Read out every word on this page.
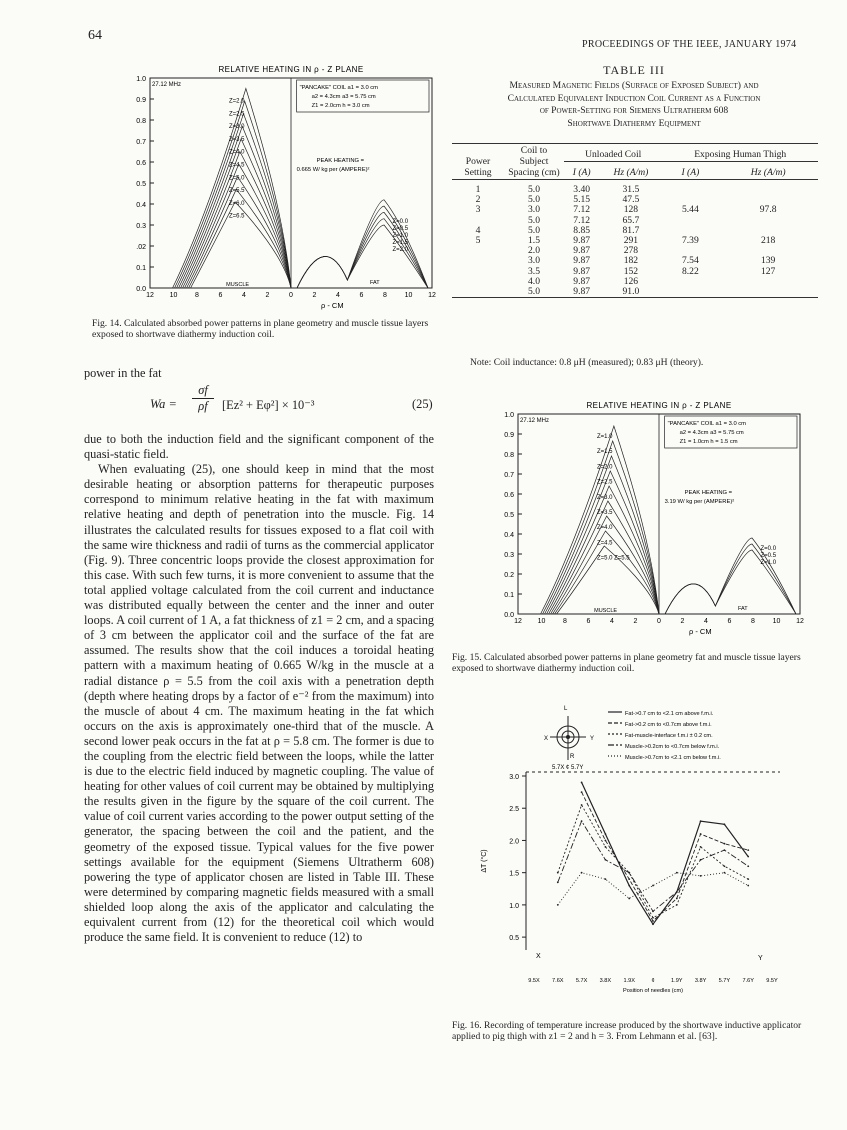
64
PROCEEDINGS OF THE IEEE, JANUARY 1974
RELATIVE HEATING IN ρ - Z PLANE
1.0
0.9
0.8
0.7
0.6
0.5
0.4
0.3
.02
0.1
0.0
12 10	8	6	4	2	0	2	4	6	8	10 12
ρ - CM
MUSCLE	FAT
27.12 MHz	"PANCAKE" COIL a1 = 3.0 cm
a2 = 4.3cm a3 = 5.75 cm
Z1 = 2.0cm h = 3.0 cm
PEAK HEATING =
0.665 W/ kg per (AMPERE)²
Z=2.0
Z=2.5
Z=3.0
Z=3.5
Z=4.0
Z=4.5
Z=5.0
Z=5.5
Z=6.0
Z=6.5
Z=0.0
Z=0.5
Z=1.0
Z=1.5
Z=2.0
Fig. 14. Calculated absorbed power patterns in plane geometry and muscle tissue layers exposed to shortwave diathermy induction coil.
TABLE III
Measured Magnetic Fields (Surface of Exposed Subject) and
Calculated Equivalent Induction Coil Current as a Function
of Power-Setting for Siemens Ultratherm 608
Shortwave Diathermy Equipment
Power Setting	Coil to Subject Spacing (cm)	Unloaded Coil		Exposing Human Thigh	
		I (A)	Hz (A/m)	I (A)	Hz (A/m)

1	5.0	3.40	31.5		
2	5.0	5.15	47.5		
3	3.0	7.12	128	5.44	97.8
	5.0	7.12	65.7		
4	5.0	8.85	81.7		
5	1.5	9.87	291	7.39	218
	2.0	9.87	278		
	3.0	9.87	182	7.54	139
	3.5	9.87	152	8.22	127
	4.0	9.87	126		
	5.0	9.87	91.0		

Note: Coil inductance: 0.8 μH (measured); 0.83 μH (theory).
power in the fat
$Wa = \frac{\sigma f}{\rho f} [Ez^2 + E\varphi^2] \times 10^{-3}$	(25)

due to both the induction field and the significant component of the quasi-static field.

When evaluating (25), one should keep in mind that the most desirable heating or absorption patterns for therapeutic purposes correspond to minimum relative heating in the fat with maximum relative heating and depth of penetration into the muscle. Fig. 14 illustrates the calculated results for tissues exposed to a flat coil with the same wire thickness and radii of turns as the commercial applicator (Fig. 9). Three concentric loops provide the closest approximation for this case. With such few turns, it is more convenient to assume that the total applied voltage calculated from the coil current and inductance was distributed equally between the center and the inner and outer loops. A coil current of 1 A, a fat thickness of z1 = 2 cm, and a spacing of 3 cm between the applicator coil and the surface of the fat are assumed. The results show that the coil induces a toroidal heating pattern with a maximum heating of 0.665 W/kg in the muscle at a radial distance ρ = 5.5 from the coil axis with a penetration depth (depth where heating drops by a factor of e⁻² from the maximum) into the muscle of about 4 cm. The maximum heating in the fat which occurs on the axis is approximately one-third that of the muscle. A second lower peak occurs in the fat at ρ = 5.8 cm. The former is due to the coupling from the electric field between the loops, while the latter is due to the electric field induced by magnetic coupling. The value of heating for other values of coil current may be obtained by multiplying the results given in the figure by the square of the coil current. The value of coil current varies according to the power output setting of the generator, the spacing between the coil and the patient, and the geometry of the exposed tissue. Typical values for the five power settings available for the equipment (Siemens Ultratherm 608) powering the type of applicator chosen are listed in Table III. These were determined by comparing magnetic fields measured with a small shielded loop along the axis of the applicator and calculating the equivalent current from (12) for the theoretical coil which would produce the same field. It is convenient to reduce (12) to

RELATIVE HEATING IN ρ - Z PLANE
1.0
0.9
0.8
0.7
0.6
0.5
0.4
0.3
0.2
0.1
0.0
12 10	8	6	4	2	0	2	4	6	8	10 12
ρ - CM
MUSCLE	FAT
27.12 MHz	"PANCAKE" COIL a1 = 3.0 cm
a2 = 4.3cm a3 = 5.75 cm
Z1 = 1.0cm h = 1.5 cm
PEAK HEATING =
3.19 W/ kg per (AMPERE)²
Z=1.0
Z=1.5
Z=2.0
Z=2.5
Z=3.0
Z=3.5
Z=4.0
Z=4.5
Z=5.0 Z=5.5
Z=0.0
Z=0.5
Z=1.0
Fig. 15. Calculated absorbed power patterns in plane geometry fat and muscle tissue layers exposed to shortwave diathermy induction coil.
Fat->0.7 cm to <2.1 cm above f.m.i.
Fat->0.2 cm to <0.7cm above f.m.i.
Fat-muscle-interface f.m.i ± 0.2 cm.
Muscle->0.2cm to <0.7cm below f.m.i.
Muscle->0.7cm to <2.1 cm below f.m.i.
L
R
X	Y
5.7X ¢ 5.7Y
3.0
2.5
2.0
1.5
1.0
0.5
ΔT (°C)
9.5X 7.6X 5.7X 3.8X 1.9X	¢	1.9Y 3.8Y 5.7Y 7.6Y 9.5Y
Position of needles (cm)
X	Y
Fig. 16. Recording of temperature increase produced by the shortwave inductive applicator applied to pig thigh with z1 = 2 and h = 3. From Lehmann et al. [63].
